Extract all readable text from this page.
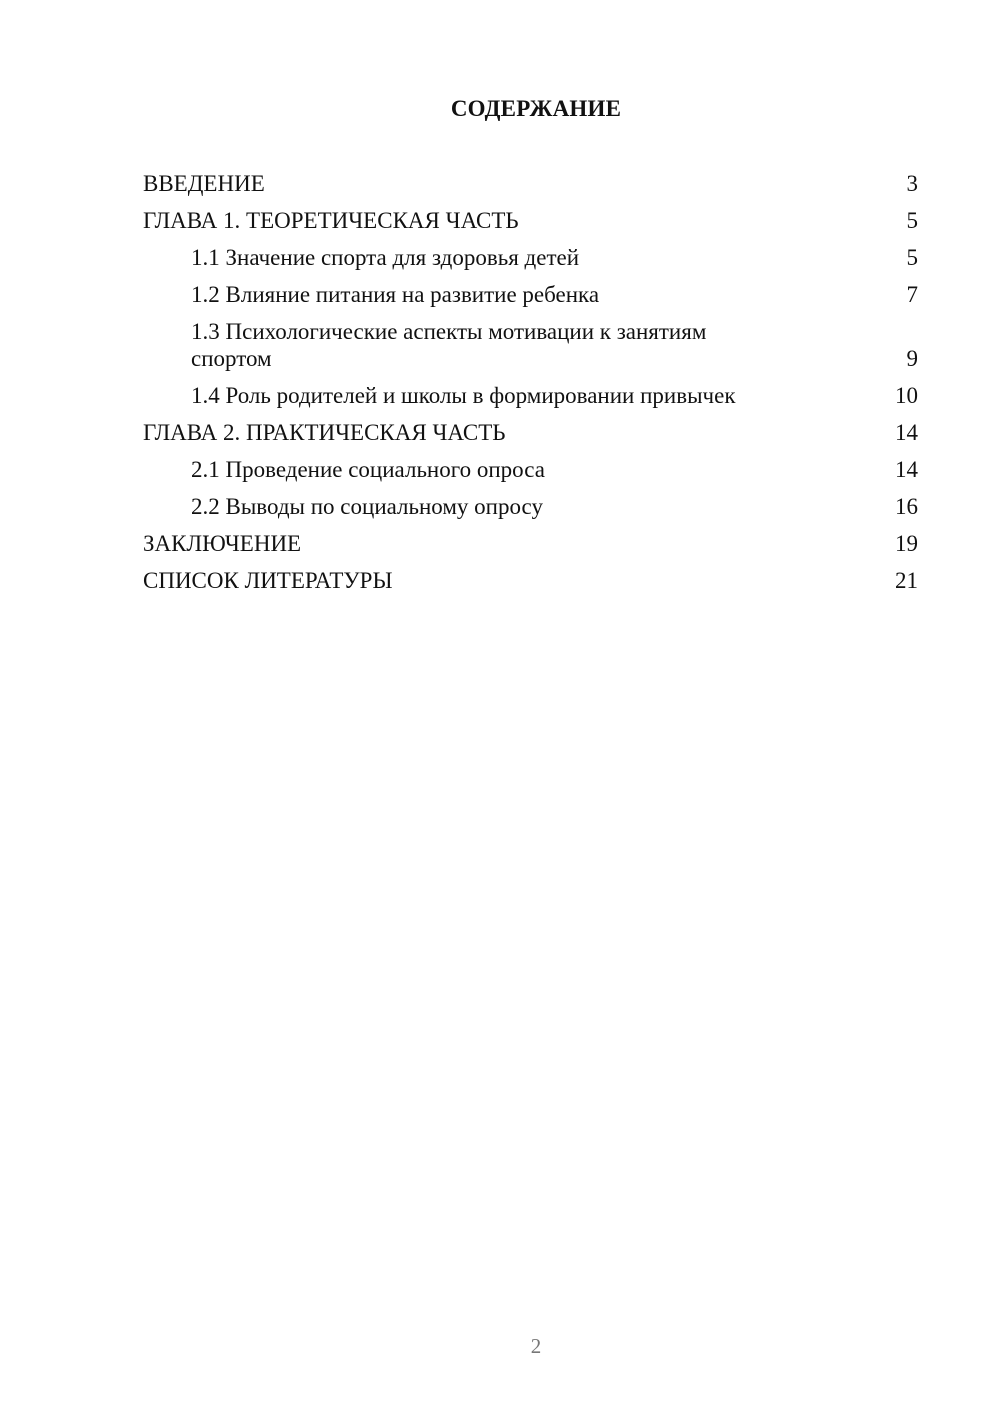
СОДЕРЖАНИЕ
ВВЕДЕНИЕ	3
ГЛАВА 1. ТЕОРЕТИЧЕСКАЯ ЧАСТЬ	5
1.1 Значение спорта для здоровья детей	5
1.2 Влияние питания на развитие ребенка	7
1.3 Психологические аспекты мотивации к занятиям спортом	9
1.4 Роль родителей и школы в формировании привычек	10
ГЛАВА 2. ПРАКТИЧЕСКАЯ ЧАСТЬ	14
2.1 Проведение социального опроса	14
2.2 Выводы по социальному опросу	16
ЗАКЛЮЧЕНИЕ	19
СПИСОК ЛИТЕРАТУРЫ	21
2
